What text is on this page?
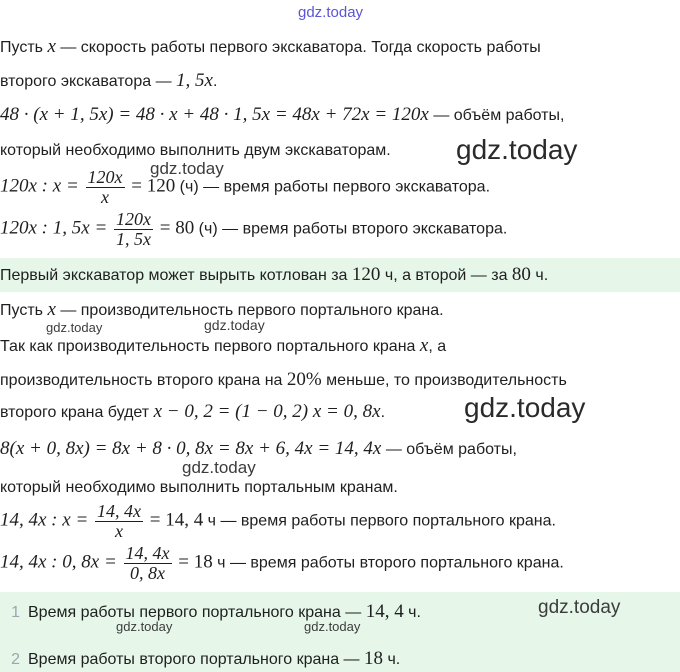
gdz.today
gdz.today
gdz.today
gdz.today	gdz.today
gdz.today
gdz.today
gdz.today
gdz.today	gdz.today
Пусть x — скорость работы первого экскаватора. Тогда скорость работы
второго экскаватора — 1, 5x.
48 · (x + 1, 5x) = 48 · x + 48 · 1, 5x = 48x + 72x = 120x — объём работы,
который необходимо выполнить двум экскаваторам.
120x : $x = \frac{120x}{x} = 120$ (ч) — время работы первого экскаватора.
120x : 1, $5x = \frac{120x}{1, 5x} = 80$ (ч) — время работы второго экскаватора.
Первый экскаватор может вырыть котлован за 120 ч, а второй — за 80 ч.
Пусть x — производительность первого портального крана.
Так как производительность первого портального крана x, а
производительность второго крана на 20% меньше, то производительность
второго крана будет x − 0, 2 = (1 − 0, 2) x = 0, 8x.
8(x + 0, 8x) = 8x + 8 · 0, 8x = 8x + 6, 4x = 14, 4x — объём работы,
который необходимо выполнить портальным кранам.
14, 4x : $x = \frac{14, 4x}{x} = 14$, 4 ч — время работы первого портального крана.
14, 4x : 0, $8x = \frac{14, 4x}{0, 8x} = 18$ ч — время работы второго портального крана.
1 Время работы первого портального крана — 14, 4 ч.
2 Время работы второго портального крана — 18 ч.
